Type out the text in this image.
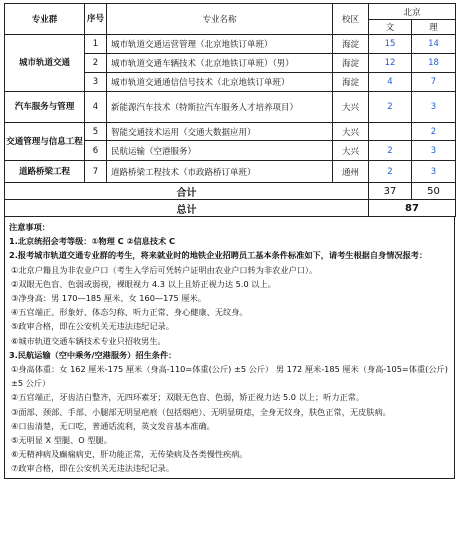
专业群	序号	专业名称	校区	北京	
				文	理
城市轨道交通	1	城市轨道交通运营管理（北京地铁订单班）	海淀	15	14
	2	城市轨道交通车辆技术（北京地铁订单班）（男）	海淀	12	18
	3	城市轨道交通通信信号技术（北京地铁订单班）	海淀	4	7
汽车服务与管理	4	新能源汽车技术（特斯拉汽车服务人才培养项目）	大兴	2	3
交通管理与信息工程	5	智能交通技术运用（交通大数据应用）	大兴		2
	6	民航运输（空港服务）	大兴	2	3
道路桥梁工程	7	道路桥梁工程技术（市政路桥订单班）	通州	2	3
合计				37	50
总计				87	
注意事项：
1.北京统招会考等级：①物理 C ②信息技术 C
2.报考城市轨道交通专业群的考生，将来就业时的地铁企业招聘员工基本条件标准如下，请考生根据自身情况报考：
①北京户籍且为非农业户口（考生入学后可凭转户证明由农业户口转为非农业户口）。
②双眼无色盲、色弱或弱视，裸眼视力 4.3 以上且矫正视力达 5.0 以上。
③净身高：男 170—185 厘米、女 160—175 厘米。
④五官端正、形象好、体态匀称、听力正常、身心健康、无纹身。
⑤政审合格，即在公安机关无违法违纪记录。
⑥城市轨道交通车辆技术专业只招收男生。
3.民航运输（空中乘务/空港服务）招生条件：
①身高体重：女 162 厘米-175 厘米（身高-110=体重(公斤) ±5 公斤） 男 172 厘米-185 厘米（身高-105=体重(公斤) ±5 公斤）
②五官端正，牙齿洁白整齐，无四环素牙；双眼无色盲、色弱，矫正视力达 5.0 以上；听力正常。
③面部、颈部、手部、小腿部无明显疤痕（包括烟疤）、无明显斑痣，全身无纹身，肤色正常，无皮肤病。
④口齿清楚，无口吃，普通话流利，英文发音基本准确。
⑤无明显 X 型腿、O 型腿。
⑥无精神病及癫痫病史，肝功能正常，无传染病及各类慢性疾病。
⑦政审合格，即在公安机关无违法违纪记录。
